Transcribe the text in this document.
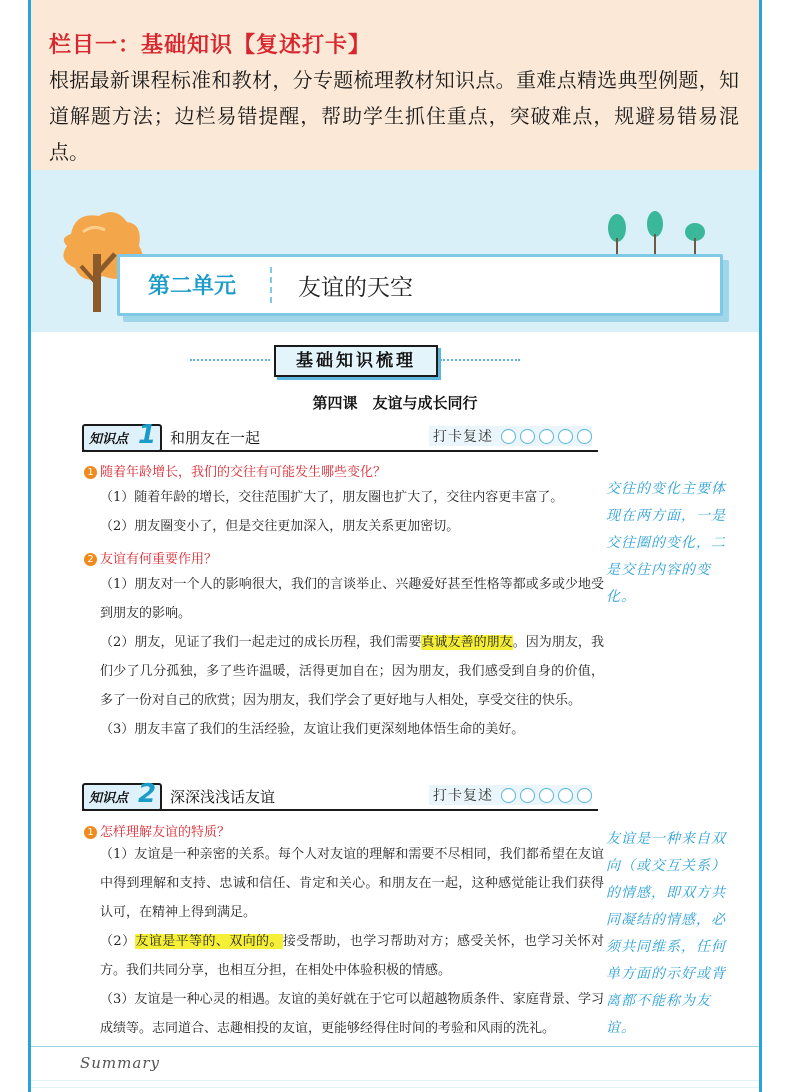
栏目一：基础知识【复述打卡】
根据最新课程标准和教材，分专题梳理教材知识点。重难点精选典型例题，知道解题方法；边栏易错提醒，帮助学生抓住重点，突破难点，规避易错易混点。
第二单元	友谊的天空
基础知识梳理
第四课　友谊与成长同行
知识点 1 和朋友在一起	打卡复述
1 随着年龄增长，我们的交往有可能发生哪些变化？
（1）随着年龄的增长，交往范围扩大了，朋友圈也扩大了，交往内容更丰富了。
（2）朋友圈变小了，但是交往更加深入，朋友关系更加密切。
2 友谊有何重要作用？
（1）朋友对一个人的影响很大，我们的言谈举止、兴趣爱好甚至性格等都或多或少地受到朋友的影响。
（2）朋友，见证了我们一起走过的成长历程，我们需要真诚友善的朋友。因为朋友，我们少了几分孤独，多了些许温暖，活得更加自在；因为朋友，我们感受到自身的价值，多了一份对自己的欣赏；因为朋友，我们学会了更好地与人相处，享受交往的快乐。
（3）朋友丰富了我们的生活经验，友谊让我们更深刻地体悟生命的美好。
交往的变化主要体现在两方面，一是交往圈的变化，二是交往内容的变化。
知识点 2 深深浅浅话友谊	打卡复述
1 怎样理解友谊的特质？
（1）友谊是一种亲密的关系。每个人对友谊的理解和需要不尽相同，我们都希望在友谊中得到理解和支持、忠诚和信任、肯定和关心。和朋友在一起，这种感觉能让我们获得认可，在精神上得到满足。
（2）友谊是平等的、双向的。接受帮助，也学习帮助对方；感受关怀，也学习关怀对方。我们共同分享，也相互分担，在相处中体验积极的情感。
（3）友谊是一种心灵的相遇。友谊的美好就在于它可以超越物质条件、家庭背景、学习成绩等。志同道合、志趣相投的友谊，更能够经得住时间的考验和风雨的洗礼。
友谊是一种来自双向（或交互关系）的情感，即双方共同凝结的情感，必须共同维系，任何单方面的示好或背离都不能称为友谊。
Summary
